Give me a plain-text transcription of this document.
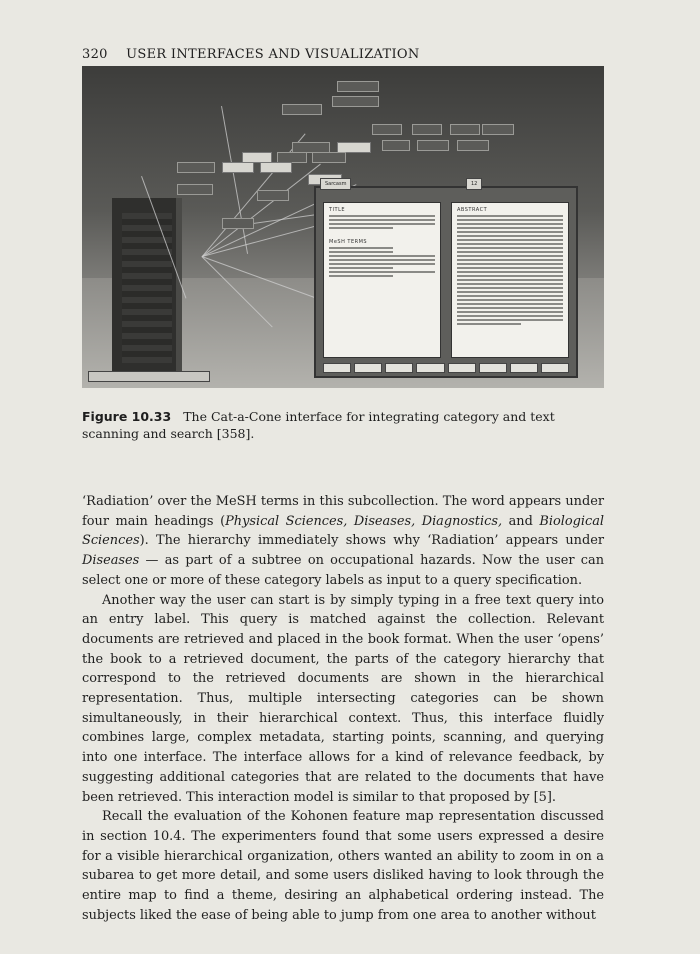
320 USER INTERFACES AND VISUALIZATION
Sarcasm	12
TITLE
MeSH TERMS
ABSTRACT
Figure 10.33 The Cat-a-Cone interface for integrating category and text scanning and search [358].

‘Radiation’ over the MeSH terms in this subcollection. The word appears under four main headings (Physical Sciences, Diseases, Diagnostics, and Biological Sciences). The hierarchy immediately shows why ‘Radiation’ appears under Diseases — as part of a subtree on occupational hazards. Now the user can select one or more of these category labels as input to a query specification.

Another way the user can start is by simply typing in a free text query into an entry label. This query is matched against the collection. Relevant documents are retrieved and placed in the book format. When the user ‘opens’ the book to a retrieved document, the parts of the category hierarchy that correspond to the retrieved documents are shown in the hierarchical representation. Thus, multiple intersecting categories can be shown simultaneously, in their hierarchical context. Thus, this interface fluidly combines large, complex metadata, starting points, scanning, and querying into one interface. The interface allows for a kind of relevance feedback, by suggesting additional categories that are related to the documents that have been retrieved. This interaction model is similar to that proposed by [5].

Recall the evaluation of the Kohonen feature map representation discussed in section 10.4. The experimenters found that some users expressed a desire for a visible hierarchical organization, others wanted an ability to zoom in on a subarea to get more detail, and some users disliked having to look through the entire map to find a theme, desiring an alphabetical ordering instead. The subjects liked the ease of being able to jump from one area to another without
